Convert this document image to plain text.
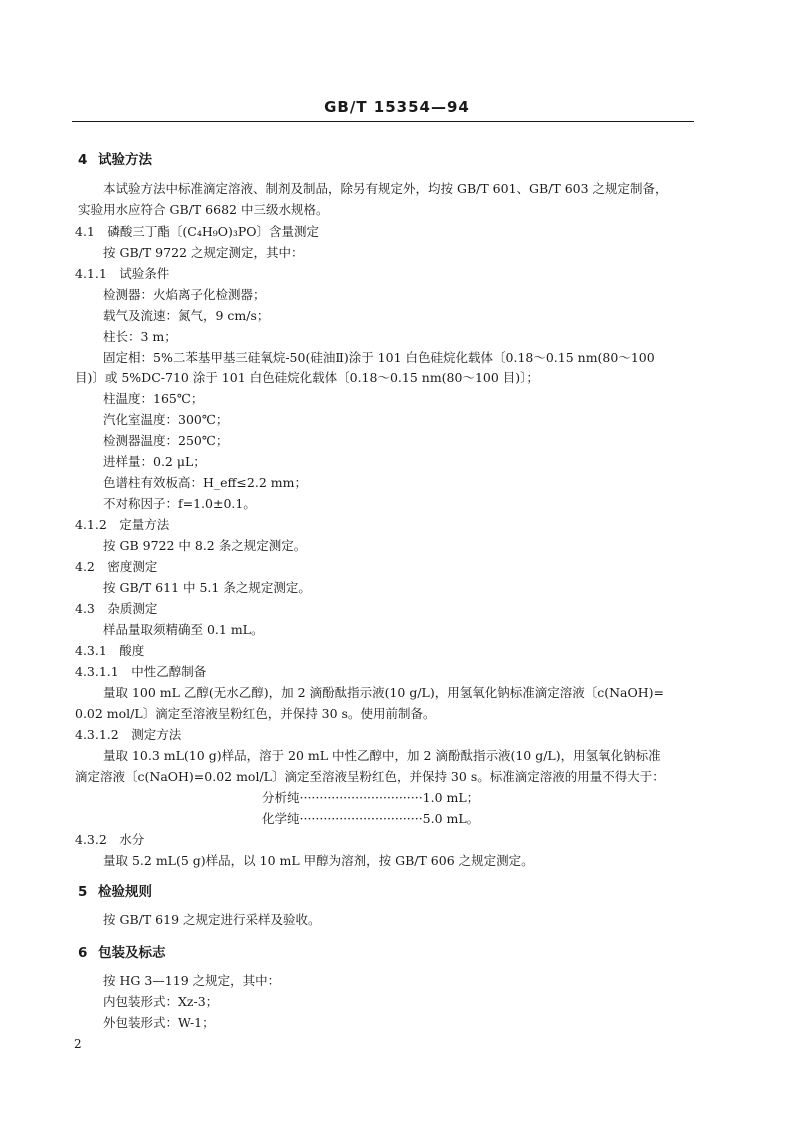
GB/T 15354—94
4 试验方法
本试验方法中标准滴定溶液、制剂及制品，除另有规定外，均按 GB/T 601、GB/T 603 之规定制备，
实验用水应符合 GB/T 6682 中三级水规格。
4.1　磷酸三丁酯〔(C₄H₉O)₃PO〕含量测定
按 GB/T 9722 之规定测定，其中：
4.1.1　试验条件
检测器：火焰离子化检测器；
载气及流速：氮气，9 cm/s；
柱长：3 m；
固定相：5%二苯基甲基三硅氧烷-50(硅油Ⅱ)涂于 101 白色硅烷化载体〔0.18～0.15 nm(80～100
目)〕或 5%DC-710 涂于 101 白色硅烷化载体〔0.18～0.15 nm(80～100 目)〕；
柱温度：165℃；
汽化室温度：300℃；
检测器温度：250℃；
进样量：0.2 μL；
色谱柱有效板高：H_eff≤2.2 mm；
不对称因子：f=1.0±0.1。
4.1.2　定量方法
按 GB 9722 中 8.2 条之规定测定。
4.2　密度测定
按 GB/T 611 中 5.1 条之规定测定。
4.3　杂质测定
样品量取须精确至 0.1 mL。
4.3.1　酸度
4.3.1.1　中性乙醇制备
量取 100 mL 乙醇(无水乙醇)，加 2 滴酚酞指示液(10 g/L)，用氢氧化钠标准滴定溶液〔c(NaOH)=
0.02 mol/L〕滴定至溶液呈粉红色，并保持 30 s。使用前制备。
4.3.1.2　测定方法
量取 10.3 mL(10 g)样品，溶于 20 mL 中性乙醇中，加 2 滴酚酞指示液(10 g/L)，用氢氧化钠标准
滴定溶液〔c(NaOH)=0.02 mol/L〕滴定至溶液呈粉红色，并保持 30 s。标准滴定溶液的用量不得大于：
分析纯·······························1.0 mL；
化学纯·······························5.0 mL。
4.3.2　水分
量取 5.2 mL(5 g)样品，以 10 mL 甲醇为溶剂，按 GB/T 606 之规定测定。
5 检验规则
按 GB/T 619 之规定进行采样及验收。
6 包装及标志
按 HG 3—119 之规定，其中：
内包装形式：Xz-3；
外包装形式：W-1；
2
